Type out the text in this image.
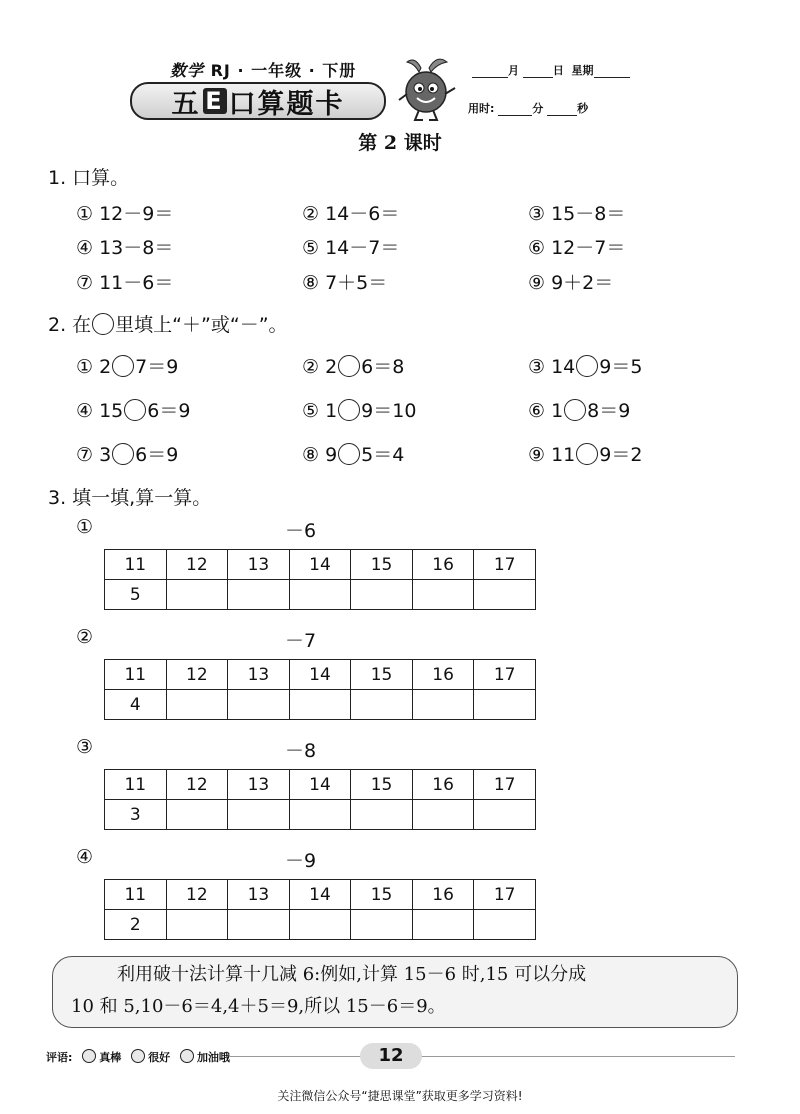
数学 RJ · 一年级 · 下册
五 E 口算题卡
月	日 星期
用时:	分	秒
第 2 课时
1. 口算。
① 12－9＝	② 14－6＝	③ 15－8＝
④ 13－8＝	⑤ 14－7＝	⑥ 12－7＝
⑦ 11－6＝	⑧ 7＋5＝	⑨ 9＋2＝
2. 在 里填上“＋”或“－”。
① 2 7＝9	② 2 6＝8	③ 14 9＝5
④ 15 6＝9	⑤ 1 9＝10	⑥ 1 8＝9
⑦ 3 6＝9	⑧ 9 5＝4	⑨ 11 9＝2
3. 填一填,算一算。
①	－6
11	12	13	14	15	16	17
5						
②	－7
11	12	13	14	15	16	17
4						
③	－8
11	12	13	14	15	16	17
3						
④	－9
11	12	13	14	15	16	17
2						

利用破十法计算十几减 6:例如,计算 15－6 时,15 可以分成

10 和 5,10－6＝4,4＋5＝9,所以 15－6＝9。

评语: 真棒 很好 加油哦	12
关注微信公众号“捷思课堂”获取更多学习资料!
